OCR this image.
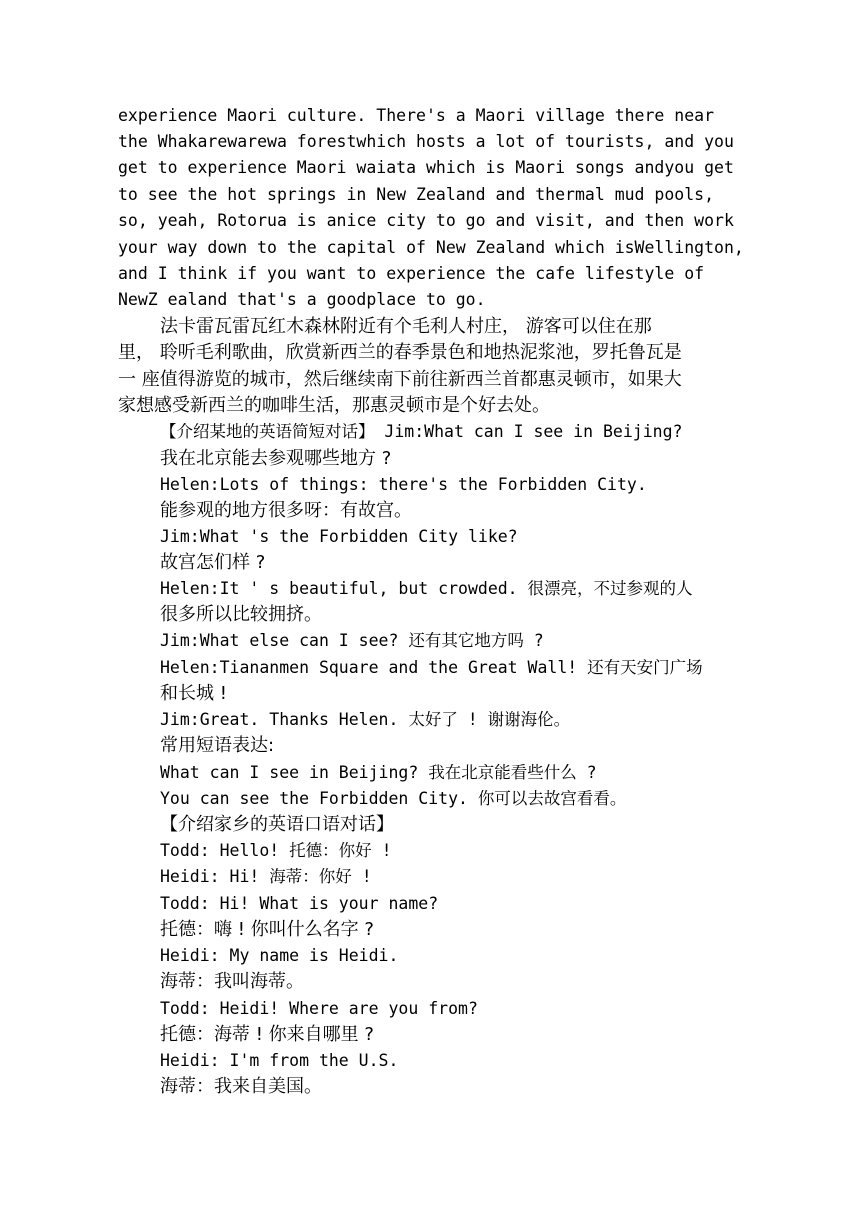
experience Maori culture. There's a Maori village there near
the Whakarewarewa forestwhich hosts a lot of tourists, and you
get to experience Maori waiata which is Maori songs andyou get
to see the hot springs in New Zealand and thermal mud pools,
so, yeah, Rotorua is anice city to go and visit, and then work
your way down to the capital of New Zealand which isWellington,
and I think if you want to experience the cafe lifestyle of
NewZ ealand that's a goodplace to go.
法卡雷瓦雷瓦红木森林附近有个毛利人村庄， 游客可以住在那
里， 聆听毛利歌曲，欣赏新西兰的春季景色和地热泥浆池，罗托鲁瓦是
一 座值得游览的城市，然后继续南下前往新西兰首都惠灵顿市，如果大
家想感受新西兰的咖啡生活，那惠灵顿市是个好去处。
【介绍某地的英语简短对话】 Jim:What can I see in Beijing?
我在北京能去参观哪些地方 ?
Helen:Lots of things: there's the Forbidden City.
能参观的地方很多呀：有故宫。
Jim:What 's the Forbidden City like?
故宫怎们样 ?
Helen:It ' s beautiful, but crowded. 很漂亮，不过参观的人
很多所以比较拥挤。
Jim:What else can I see? 还有其它地方吗 ?
Helen:Tiananmen Square and the Great Wall! 还有天安门广场
和长城 !
Jim:Great. Thanks Helen. 太好了 ! 谢谢海伦。
常用短语表达:
What can I see in Beijing? 我在北京能看些什么 ?
You can see the Forbidden City. 你可以去故宫看看。
【介绍家乡的英语口语对话】
Todd: Hello! 托德：你好 !
Heidi: Hi! 海蒂：你好 !
Todd: Hi! What is your name?
托德：嗨 ! 你叫什么名字 ?
Heidi: My name is Heidi.
海蒂：我叫海蒂。
Todd: Heidi! Where are you from?
托德：海蒂 ! 你来自哪里 ?
Heidi: I'm from the U.S.
海蒂：我来自美国。
